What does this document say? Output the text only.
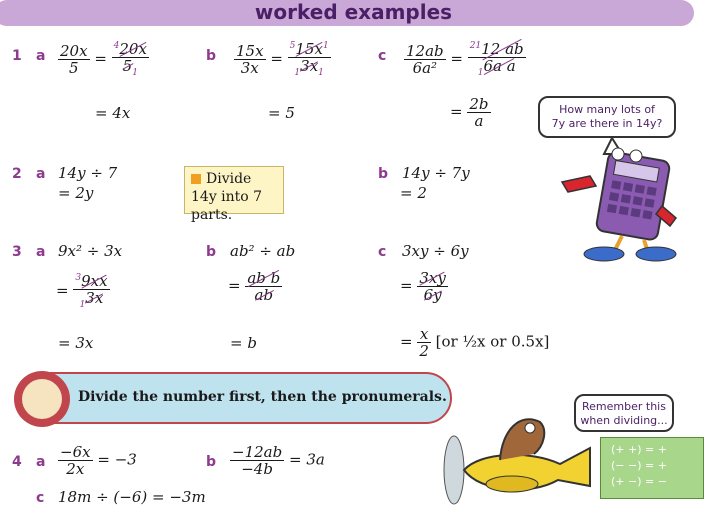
worked examples
1 a $\frac{20x}{5} = \frac{^420x}{5_1}$
= 4x
b $\frac{15x}{3x} = \frac{^515x^1}{_13x_1}$
= 5
c $\frac{12ab}{\text{6a²}} = \frac{^{21}12 ab}{_16a a}$
= $\frac{2b}{a}$
2 a 14y ÷ 7
= 2y
Divide 14y into 7 parts.
b 14y ÷ 7y
= 2
3 a 9x² ÷ 3x
= $\frac{^39xx}{_13x}$
= 3x
b ab² ÷ ab
= $\frac{\text{ab b}}{ab}$
= b
c 3xy ÷ 6y
= $\frac{3xy}{6y}$
= $\frac{x}{2} [or$ ½x or 0.5x]
How many lots of
7y are there in 14y?
Divide the number first, then the pronumerals.
4 a $\frac{-6x}{2x} = -3$	b $\frac{-12ab}{-4b} = 3a$
c 18m ÷ (−6) = −3m
Remember this
when dividing...
(+ +) = +
(− −) = +
(+ −) = −
